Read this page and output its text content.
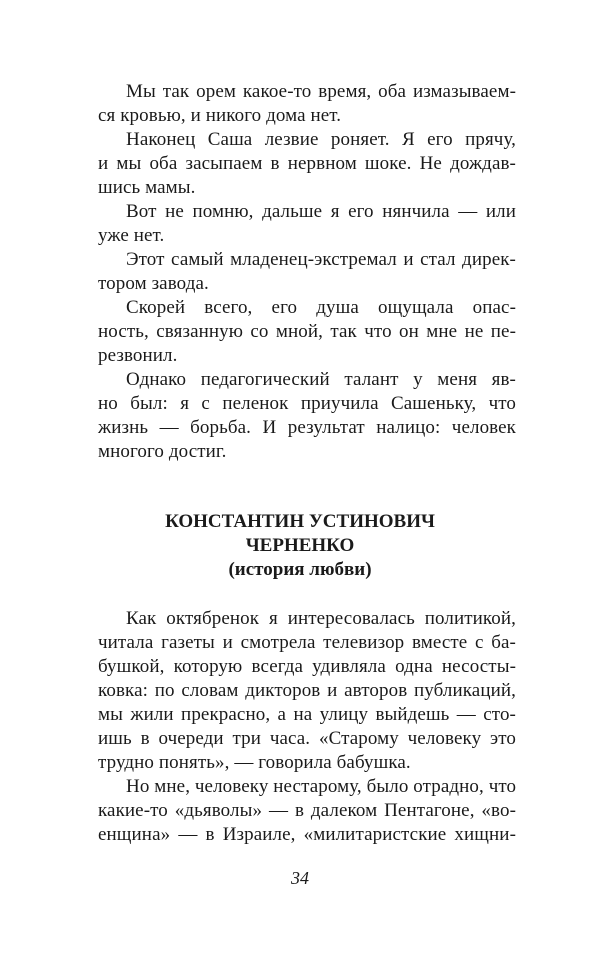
Мы так орем какое-то время, оба измазываем-
ся кровью, и никого дома нет.
Наконец Саша лезвие роняет. Я его прячу,
и мы оба засыпаем в нервном шоке. Не дождав-
шись мамы.
Вот не помню, дальше я его нянчила — или
уже нет.
Этот самый младенец-экстремал и стал дирек-
тором завода.
Скорей всего, его душа ощущала опас-
ность, связанную со мной, так что он мне не пе-
резвонил.
Однако педагогический талант у меня яв-
но был: я с пеленок приучила Сашеньку, что
жизнь — борьба. И результат налицо: человек
многого достиг.
КОНСТАНТИН УСТИНОВИЧ
ЧЕРНЕНКО
(история любви)
Как октябренок я интересовалась политикой,
читала газеты и смотрела телевизор вместе с ба-
бушкой, которую всегда удивляла одна несосты-
ковка: по словам дикторов и авторов публикаций,
мы жили прекрасно, а на улицу выйдешь — сто-
ишь в очереди три часа. «Старому человеку это
трудно понять», — говорила бабушка.
Но мне, человеку нестарому, было отрадно, что
какие-то «дьяволы» — в далеком Пентагоне, «во-
енщина» — в Израиле, «милитаристские хищни-
34
